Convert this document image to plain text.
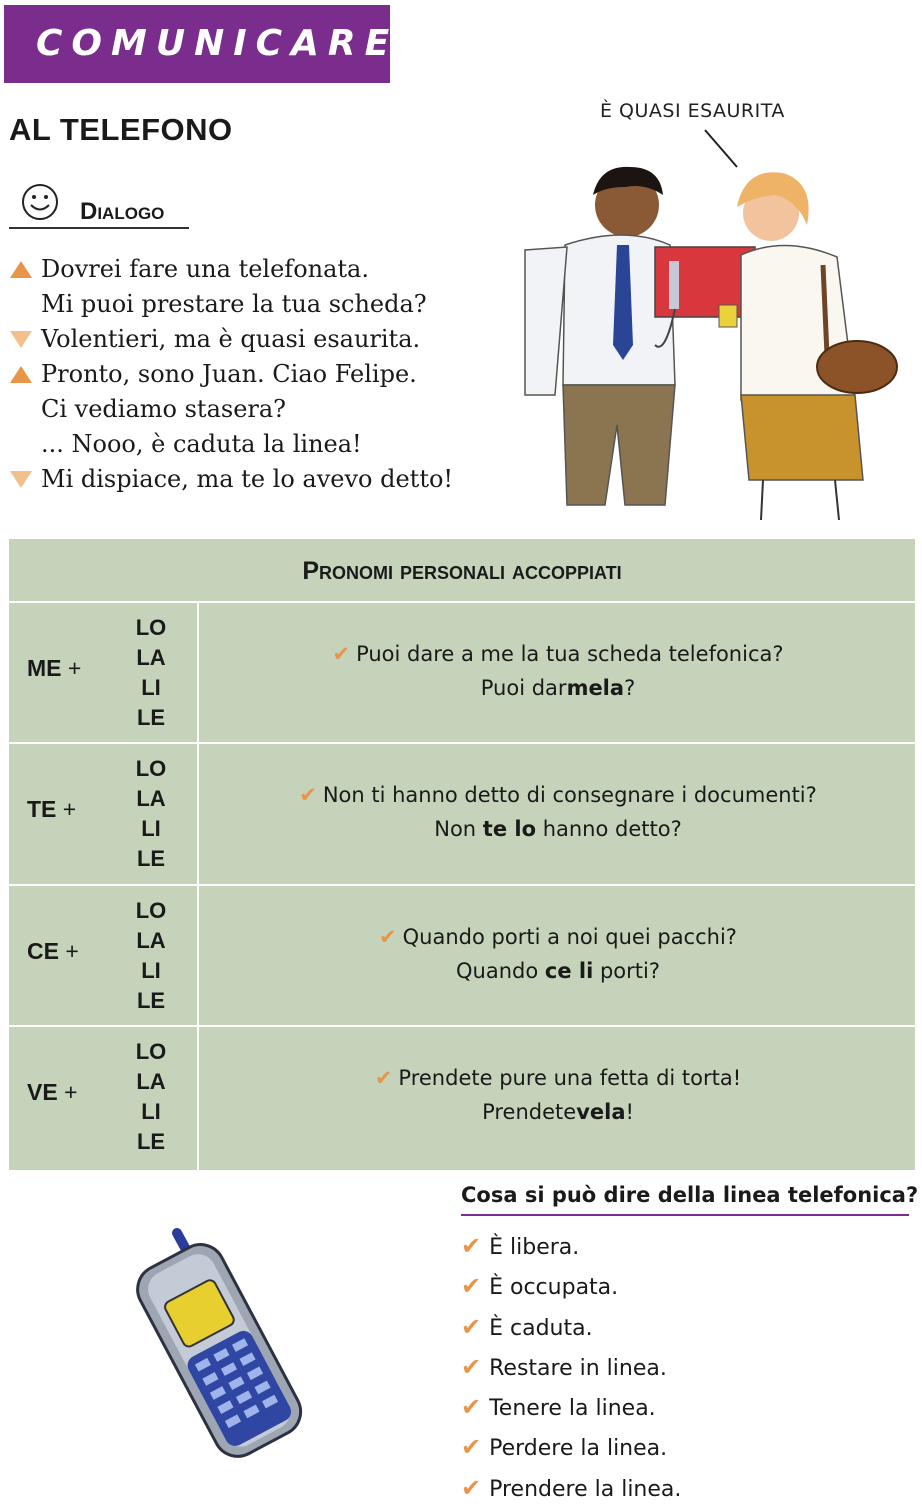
COMUNICARE
AL TELEFONO
Dialogo
Dovrei fare una telefonata.
Mi puoi prestare la tua scheda?
Volentieri, ma è quasi esaurita.
Pronto, sono Juan. Ciao Felipe.
Ci vediamo stasera?
... Nooo, è caduta la linea!
Mi dispiace, ma te lo avevo detto!
È QUASI ESAURITA
Pronomi personali accoppiati
ME +
LO
LA
LI
LE
✔ Puoi dare a me la tua scheda telefonica?
Puoi darmela?
TE +
LO
LA
LI
LE
✔ Non ti hanno detto di consegnare i documenti?
Non te lo hanno detto?
CE +
LO
LA
LI
LE
✔ Quando porti a noi quei pacchi?
Quando ce li porti?
VE +
LO
LA
LI
LE
✔ Prendete pure una fetta di torta!
Prendetevela!
Cosa si può dire della linea telefonica?
✔ È libera.
✔ È occupata.
✔ È caduta.
✔ Restare in linea.
✔ Tenere la linea.
✔ Perdere la linea.
✔ Prendere la linea.
